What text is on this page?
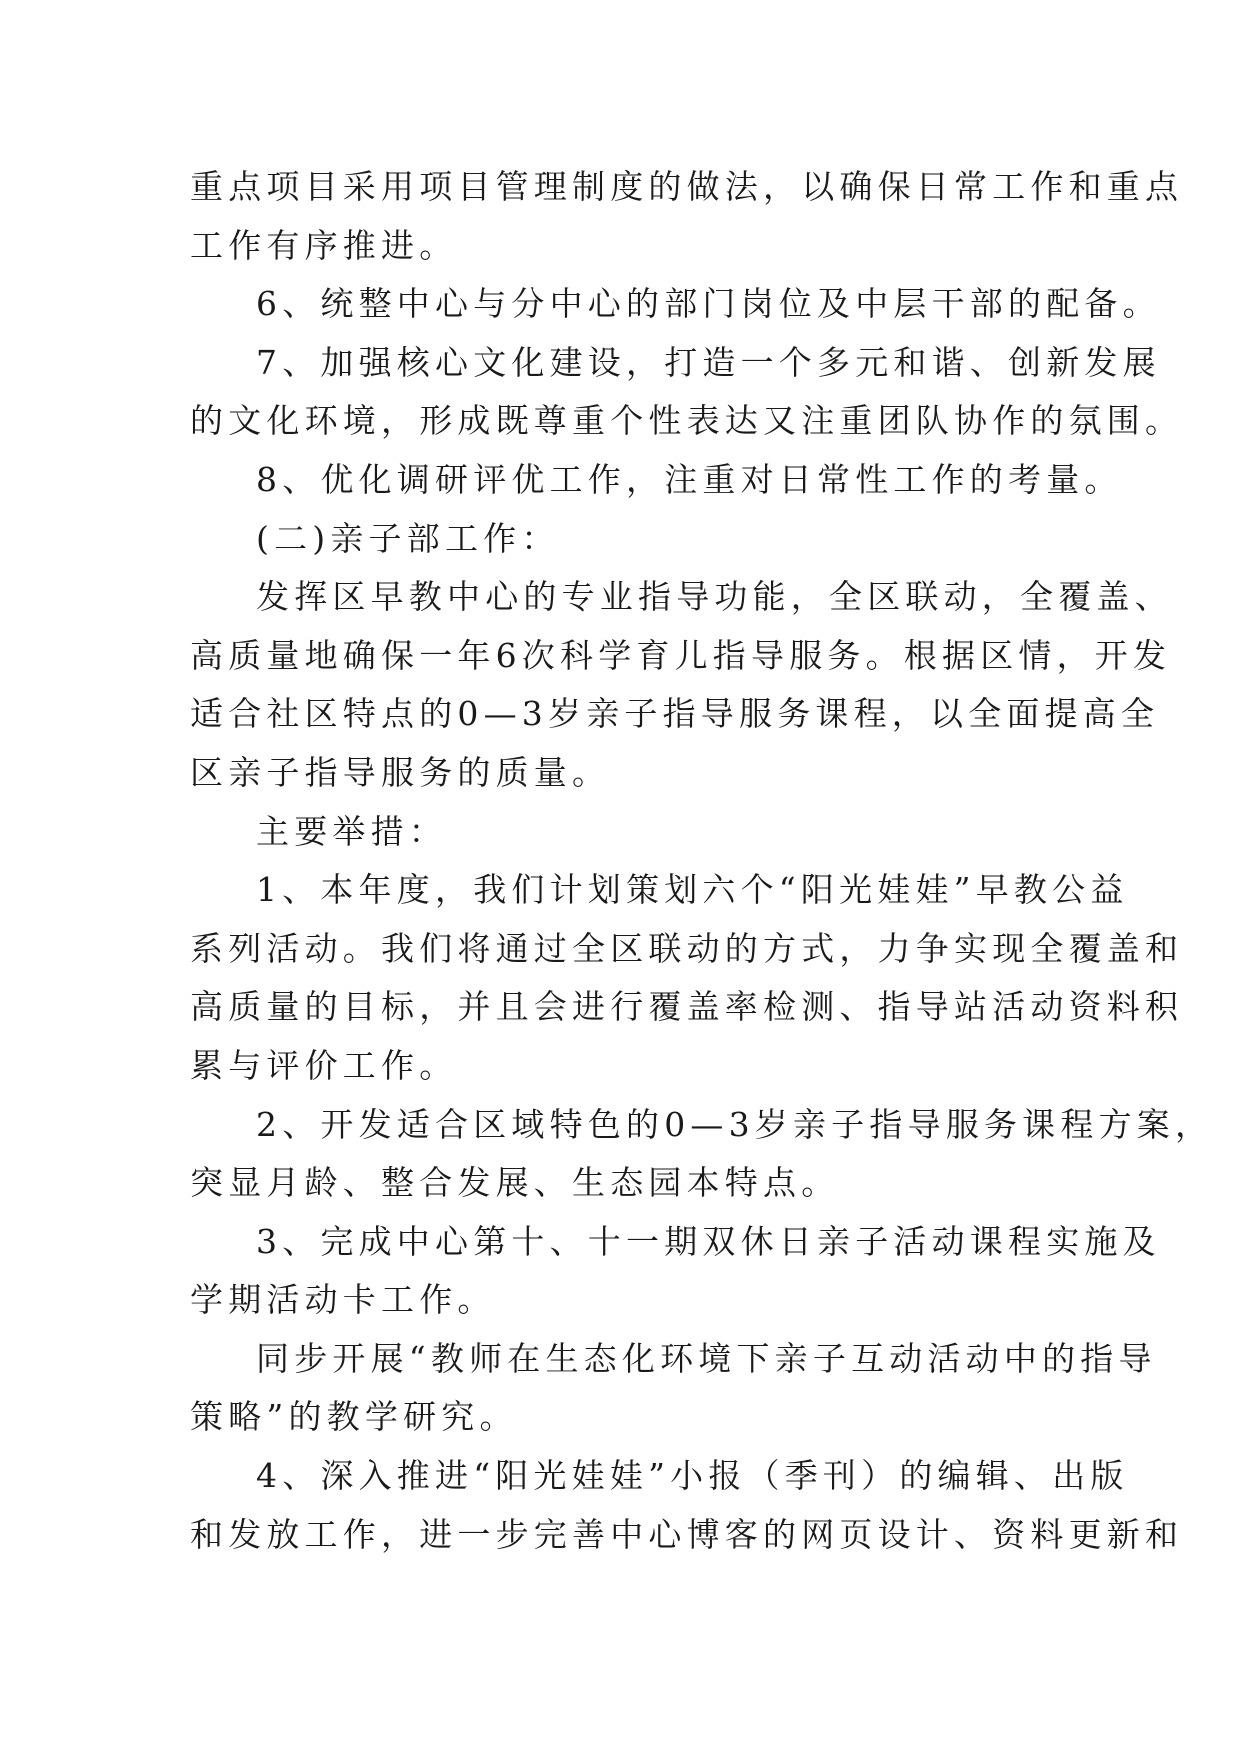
重点项目采用项目管理制度的做法，以确保日常工作和重点
工作有序推进。
6、统整中心与分中心的部门岗位及中层干部的配备。
7、加强核心文化建设，打造一个多元和谐、创新发展
的文化环境，形成既尊重个性表达又注重团队协作的氛围。
8、优化调研评优工作，注重对日常性工作的考量。
(二)亲子部工作：
发挥区早教中心的专业指导功能，全区联动，全覆盖、
高质量地确保一年6次科学育儿指导服务。根据区情，开发
适合社区特点的0—3岁亲子指导服务课程，以全面提高全
区亲子指导服务的质量。
主要举措：
1、本年度，我们计划策划六个“阳光娃娃”早教公益
系列活动。我们将通过全区联动的方式，力争实现全覆盖和
高质量的目标，并且会进行覆盖率检测、指导站活动资料积
累与评价工作。
2、开发适合区域特色的0—3岁亲子指导服务课程方案，
突显月龄、整合发展、生态园本特点。
3、完成中心第十、十一期双休日亲子活动课程实施及
学期活动卡工作。
同步开展“教师在生态化环境下亲子互动活动中的指导
策略”的教学研究。
4、深入推进“阳光娃娃”小报（季刊）的编辑、出版
和发放工作，进一步完善中心博客的网页设计、资料更新和
